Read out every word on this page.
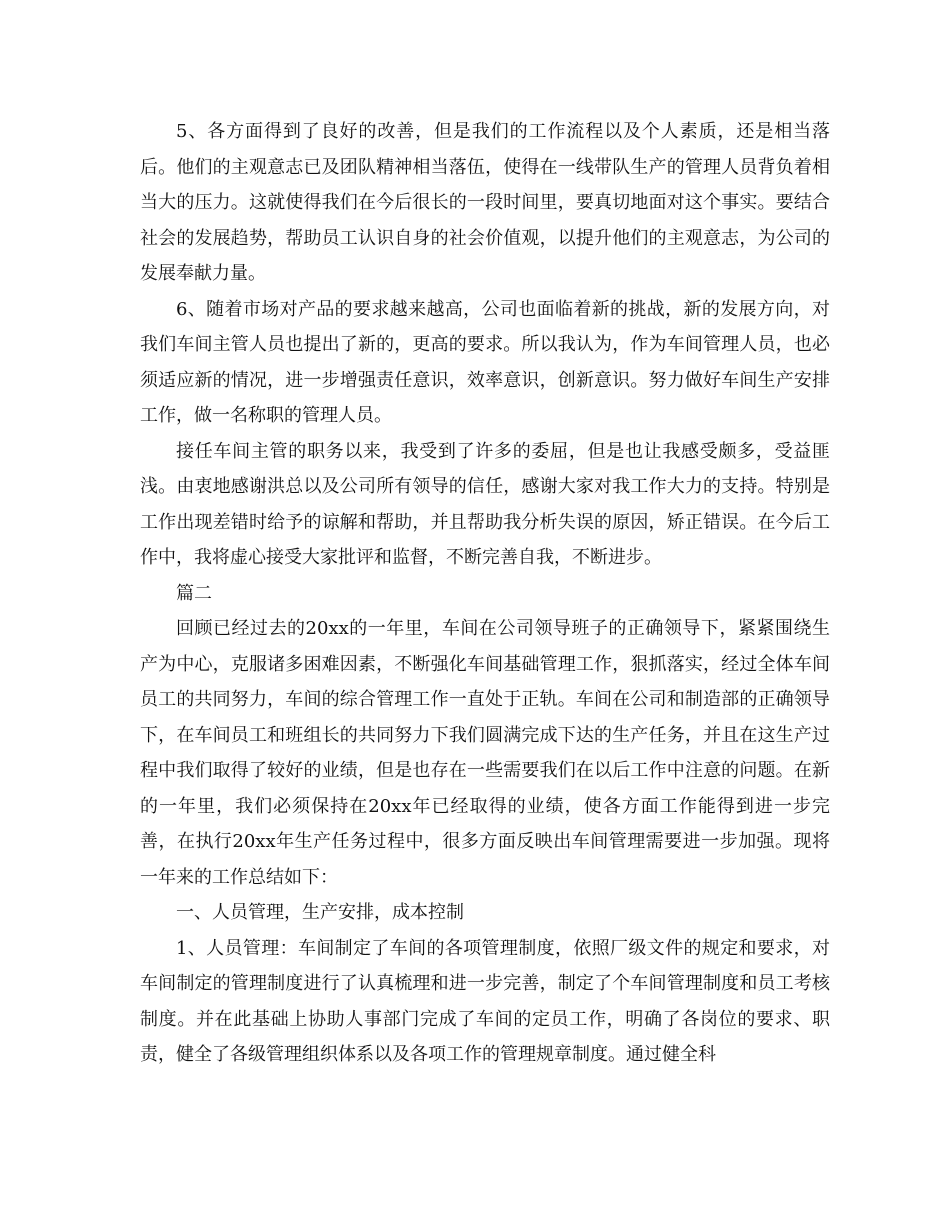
5、各方面得到了良好的改善，但是我们的工作流程以及个人素质，还是相当落后。他们的主观意志已及团队精神相当落伍，使得在一线带队生产的管理人员背负着相当大的压力。这就使得我们在今后很长的一段时间里，要真切地面对这个事实。要结合社会的发展趋势，帮助员工认识自身的社会价值观，以提升他们的主观意志，为公司的发展奉献力量。

6、随着市场对产品的要求越来越高，公司也面临着新的挑战，新的发展方向，对我们车间主管人员也提出了新的，更高的要求。所以我认为，作为车间管理人员，也必须适应新的情况，进一步增强责任意识，效率意识，创新意识。努力做好车间生产安排工作，做一名称职的管理人员。

接任车间主管的职务以来，我受到了许多的委屈，但是也让我感受颇多，受益匪浅。由衷地感谢洪总以及公司所有领导的信任，感谢大家对我工作大力的支持。特别是工作出现差错时给予的谅解和帮助，并且帮助我分析失误的原因，矫正错误。在今后工作中，我将虚心接受大家批评和监督，不断完善自我，不断进步。

篇二

回顾已经过去的20xx的一年里，车间在公司领导班子的正确领导下，紧紧围绕生产为中心，克服诸多困难因素，不断强化车间基础管理工作，狠抓落实，经过全体车间员工的共同努力，车间的综合管理工作一直处于正轨。车间在公司和制造部的正确领导下，在车间员工和班组长的共同努力下我们圆满完成下达的生产任务，并且在这生产过程中我们取得了较好的业绩，但是也存在一些需要我们在以后工作中注意的问题。在新的一年里，我们必须保持在20xx年已经取得的业绩，使各方面工作能得到进一步完善，在执行20xx年生产任务过程中，很多方面反映出车间管理需要进一步加强。现将一年来的工作总结如下：

一、人员管理，生产安排，成本控制

1、人员管理：车间制定了车间的各项管理制度，依照厂级文件的规定和要求，对车间制定的管理制度进行了认真梳理和进一步完善，制定了个车间管理制度和员工考核制度。并在此基础上协助人事部门完成了车间的定员工作，明确了各岗位的要求、职责，健全了各级管理组织体系以及各项工作的管理规章制度。通过健全科
